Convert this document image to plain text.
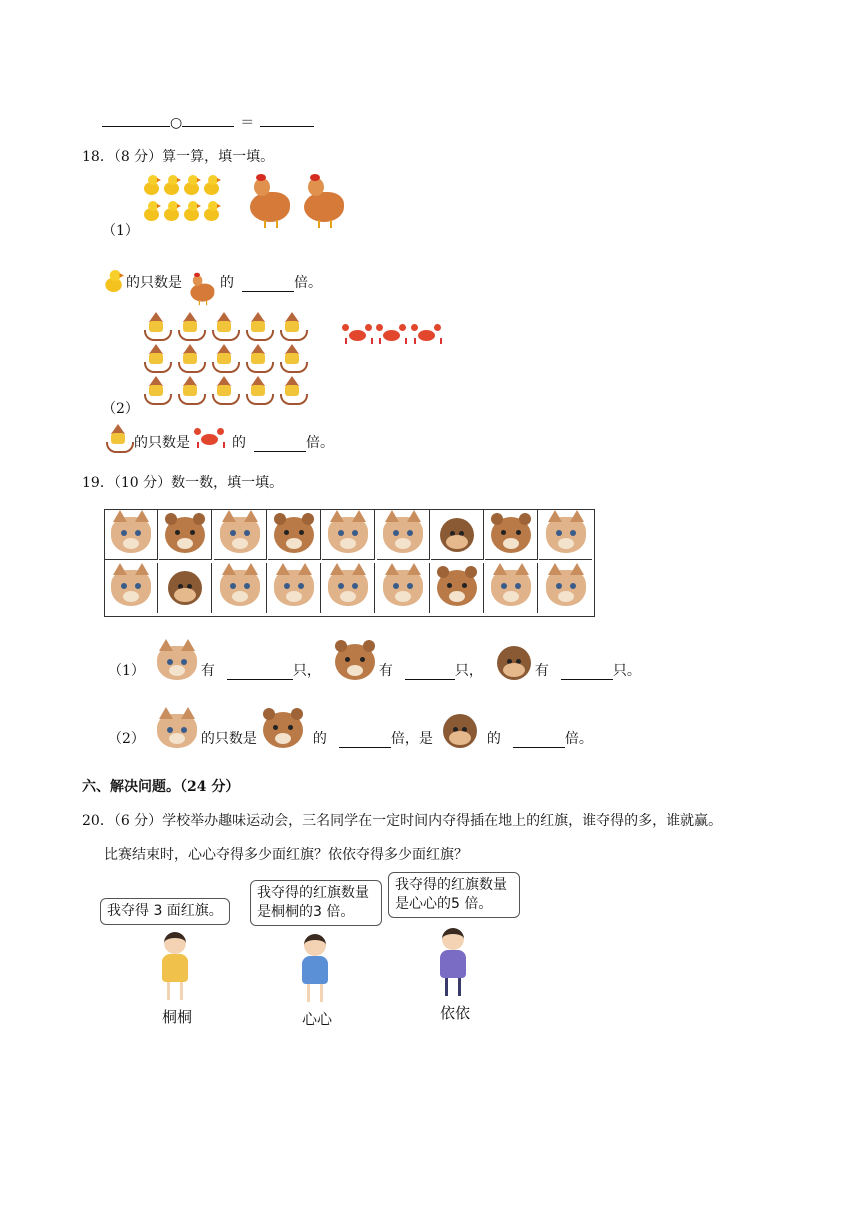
○	＝
18．（8 分）算一算，填一填。
（1）
的只数是	的	倍。

（2）
的只数是	的	倍。
19．（10 分）数一数，填一填。
（1）	有	只，	有	只，	有	只。
（2）	的只数是	的	倍，是	的	倍。
六、解决问题。（24 分）
20．（6 分）学校举办趣味运动会，三名同学在一定时间内夺得插在地上的红旗，谁夺得的多，谁就赢。
比赛结束时，心心夺得多少面红旗？依依夺得多少面红旗？
我夺得 3 面红旗。
我夺得的红旗数量是桐桐的3 倍。
我夺得的红旗数量是心心的5 倍。
桐桐	心心	依依
